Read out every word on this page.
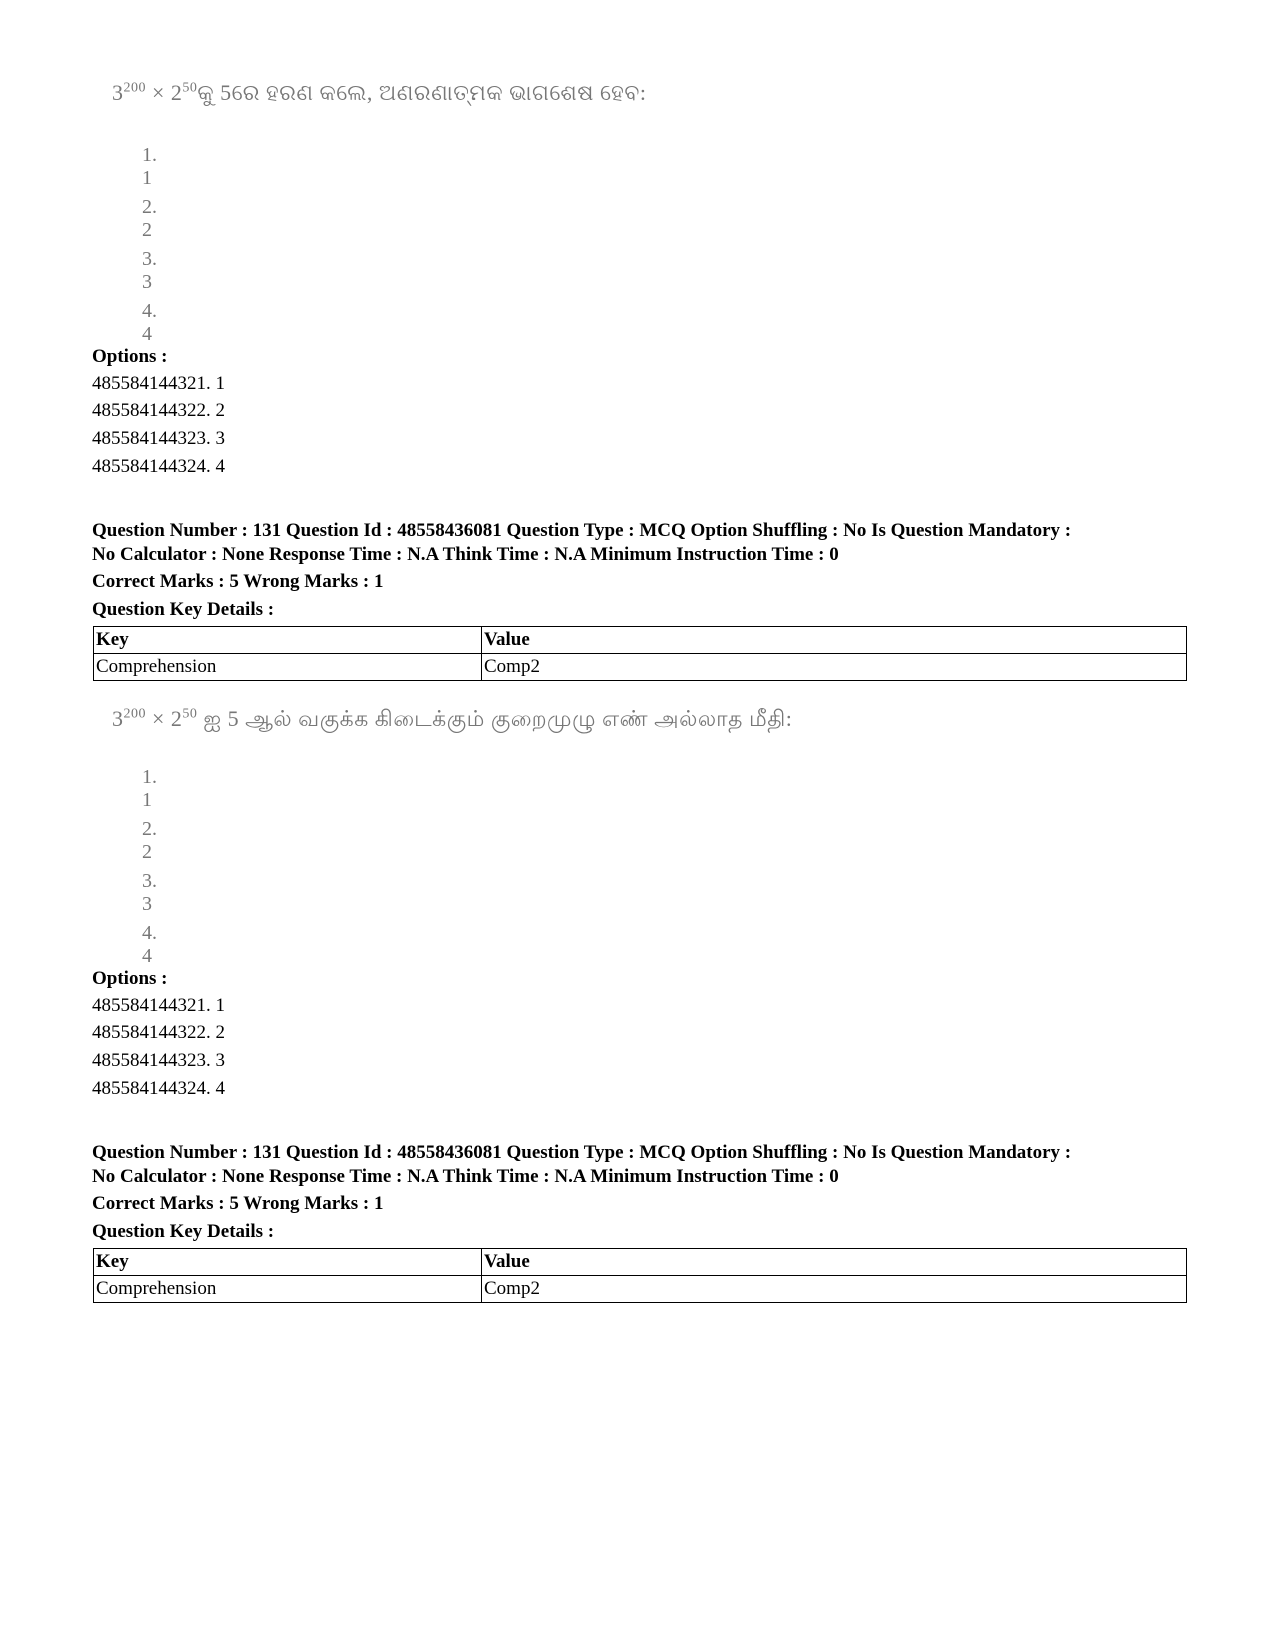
$3^{200}$ × $2^{50}କୁ$ 5ରେ ହରଣ କଲେ, ଅଣରଣାତ୍ମକ ଭାଗଶେଷ ହେବ:
1. 1
2. 2
3. 3
4. 4
Options :
485584144321. 1
485584144322. 2
485584144323. 3
485584144324. 4
Question Number : 131 Question Id : 48558436081 Question Type : MCQ Option Shuffling : No Is Question Mandatory :
No Calculator : None Response Time : N.A Think Time : N.A Minimum Instruction Time : 0
Correct Marks : 5 Wrong Marks : 1
Question Key Details :
Key	Value
Comprehension	Comp2
$3^{200} \times 2^{50}$ ஐ 5 ஆல் வகுக்க கிடைக்கும் குறைமுழு எண் அல்லாத மீதி:
1. 1
2. 2
3. 3
4. 4
Options :
485584144321. 1
485584144322. 2
485584144323. 3
485584144324. 4
Question Number : 131 Question Id : 48558436081 Question Type : MCQ Option Shuffling : No Is Question Mandatory :
No Calculator : None Response Time : N.A Think Time : N.A Minimum Instruction Time : 0
Correct Marks : 5 Wrong Marks : 1
Question Key Details :
Key	Value
Comprehension	Comp2
